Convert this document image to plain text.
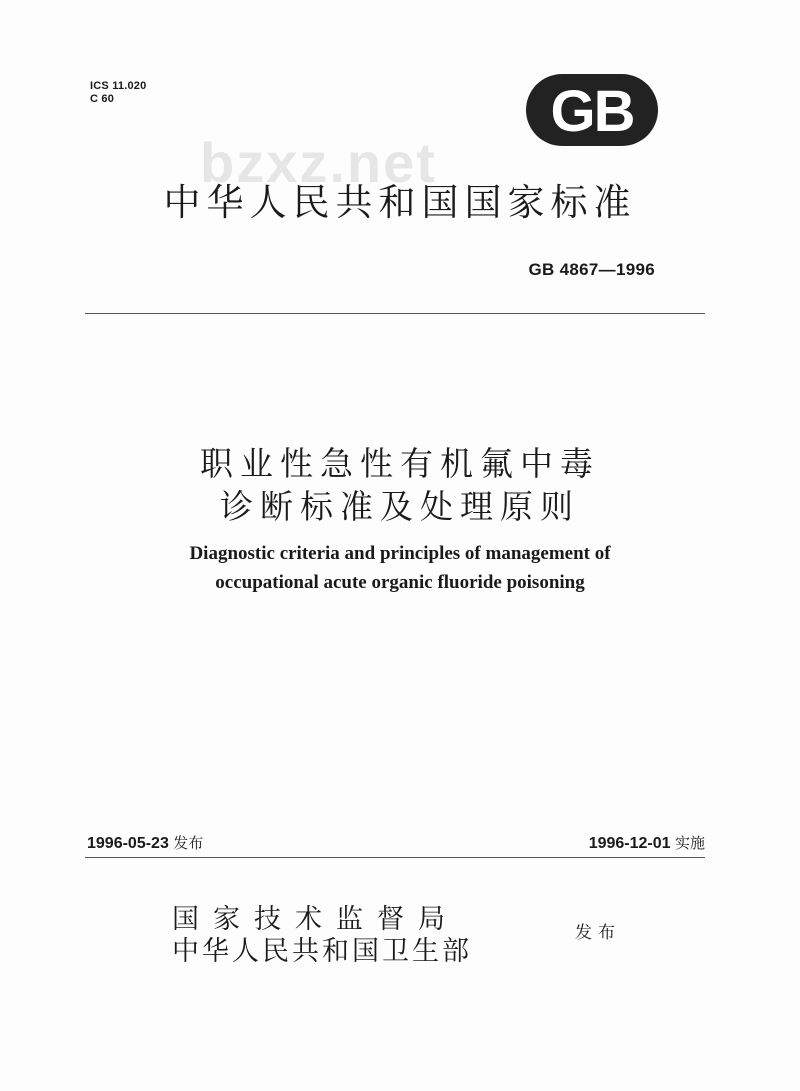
ICS 11.020
C 60
bzxz.net
GB
中华人民共和国国家标准
GB 4867—1996
职业性急性有机氟中毒
诊断标准及处理原则
Diagnostic criteria and principles of management of
occupational acute organic fluoride poisoning
1996-05-23 发布	1996-12-01 实施
国家技术监督局
中华人民共和国卫生部
发布
